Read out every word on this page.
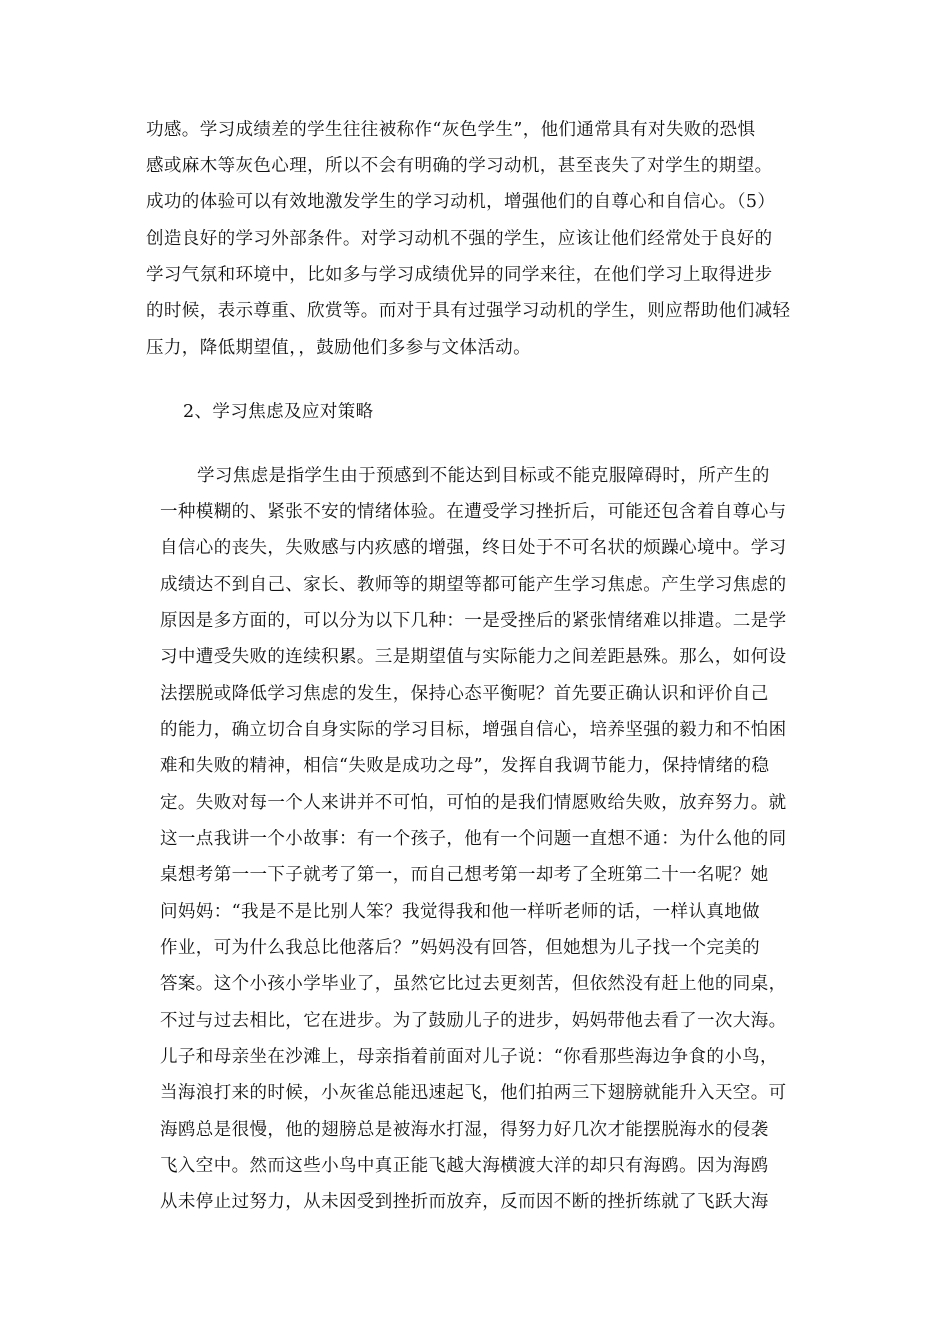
功感。学习成绩差的学生往往被称作“灰色学生”，他们通常具有对失败的恐惧
感或麻木等灰色心理，所以不会有明确的学习动机，甚至丧失了对学生的期望。
成功的体验可以有效地激发学生的学习动机，增强他们的自尊心和自信心。（5）
创造良好的学习外部条件。对学习动机不强的学生，应该让他们经常处于良好的
学习气氛和环境中，比如多与学习成绩优异的同学来往，在他们学习上取得进步
的时候，表示尊重、欣赏等。而对于具有过强学习动机的学生，则应帮助他们减轻
压力，降低期望值，，鼓励他们多参与文体活动。
2、学习焦虑及应对策略
学习焦虑是指学生由于预感到不能达到目标或不能克服障碍时，所产生的
一种模糊的、紧张不安的情绪体验。在遭受学习挫折后，可能还包含着自尊心与
自信心的丧失，失败感与内疚感的增强，终日处于不可名状的烦躁心境中。学习
成绩达不到自己、家长、教师等的期望等都可能产生学习焦虑。产生学习焦虑的
原因是多方面的，可以分为以下几种：一是受挫后的紧张情绪难以排遣。二是学
习中遭受失败的连续积累。三是期望值与实际能力之间差距悬殊。那么，如何设
法摆脱或降低学习焦虑的发生，保持心态平衡呢？首先要正确认识和评价自己
的能力，确立切合自身实际的学习目标，增强自信心，培养坚强的毅力和不怕困
难和失败的精神，相信“失败是成功之母”，发挥自我调节能力，保持情绪的稳
定。失败对每一个人来讲并不可怕，可怕的是我们情愿败给失败，放弃努力。就
这一点我讲一个小故事：有一个孩子，他有一个问题一直想不通：为什么他的同
桌想考第一一下子就考了第一，而自己想考第一却考了全班第二十一名呢？她
问妈妈：“我是不是比别人笨？我觉得我和他一样听老师的话，一样认真地做
作业，可为什么我总比他落后？”妈妈没有回答，但她想为儿子找一个完美的
答案。这个小孩小学毕业了，虽然它比过去更刻苦，但依然没有赶上他的同桌，
不过与过去相比，它在进步。为了鼓励儿子的进步，妈妈带他去看了一次大海。
儿子和母亲坐在沙滩上，母亲指着前面对儿子说：“你看那些海边争食的小鸟，
当海浪打来的时候，小灰雀总能迅速起飞，他们拍两三下翅膀就能升入天空。可
海鸥总是很慢，他的翅膀总是被海水打湿，得努力好几次才能摆脱海水的侵袭
飞入空中。然而这些小鸟中真正能飞越大海横渡大洋的却只有海鸥。因为海鸥
从未停止过努力，从未因受到挫折而放弃，反而因不断的挫折练就了飞跃大海
